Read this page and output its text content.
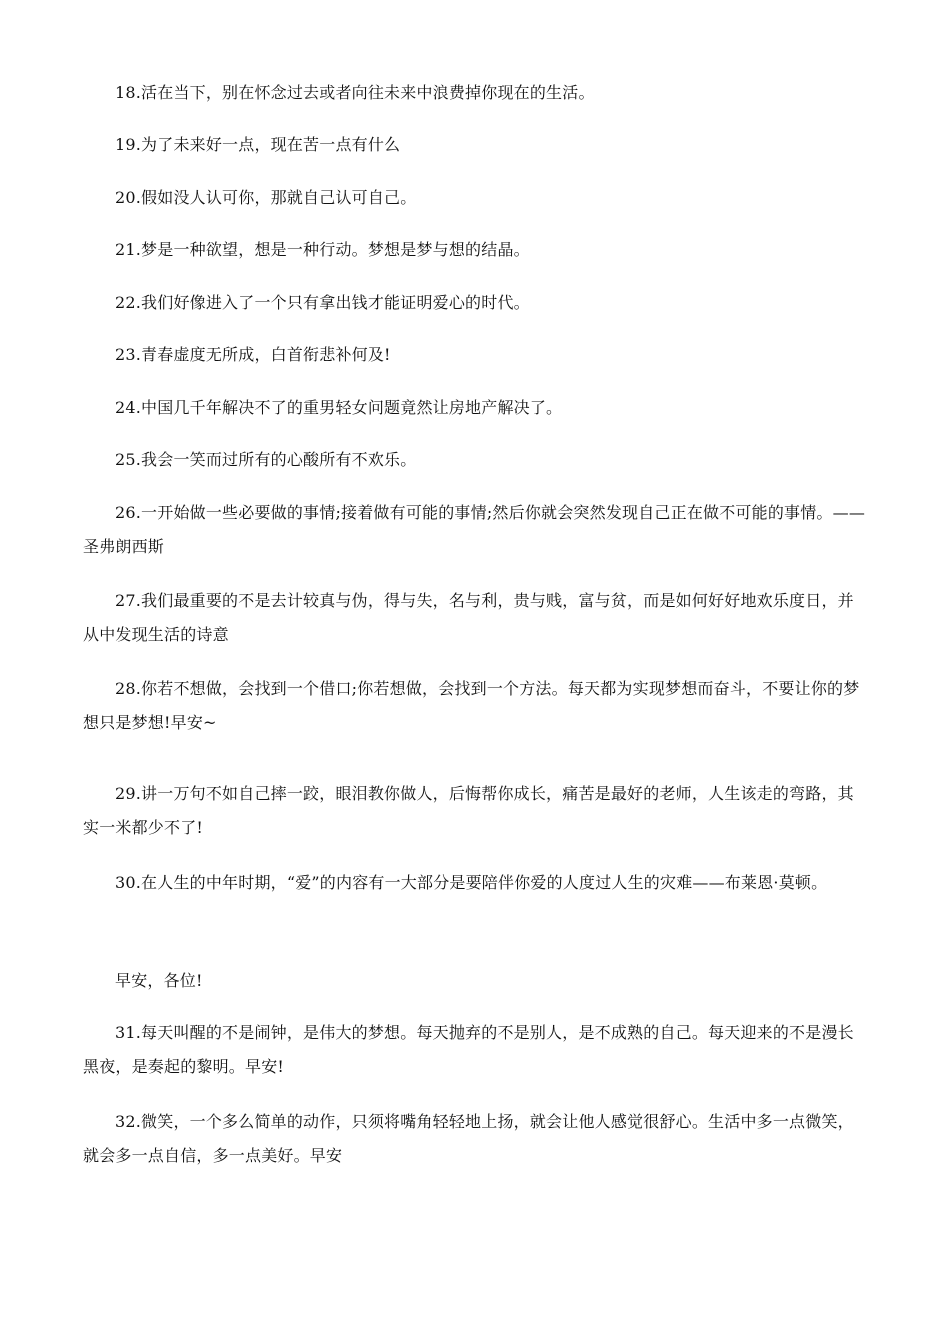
18.活在当下，别在怀念过去或者向往未来中浪费掉你现在的生活。

19.为了未来好一点，现在苦一点有什么

20.假如没人认可你，那就自己认可自己。

21.梦是一种欲望，想是一种行动。梦想是梦与想的结晶。

22.我们好像进入了一个只有拿出钱才能证明爱心的时代。

23.青春虚度无所成，白首衔悲补何及!

24.中国几千年解决不了的重男轻女问题竟然让房地产解决了。

25.我会一笑而过所有的心酸所有不欢乐。

26.一开始做一些必要做的事情;接着做有可能的事情;然后你就会突然发现自己正在做不可能的事情。——圣弗朗西斯

27.我们最重要的不是去计较真与伪，得与失，名与利，贵与贱，富与贫，而是如何好好地欢乐度日，并从中发现生活的诗意

28.你若不想做，会找到一个借口;你若想做，会找到一个方法。每天都为实现梦想而奋斗，不要让你的梦想只是梦想!早安~

29.讲一万句不如自己摔一跤，眼泪教你做人，后悔帮你成长，痛苦是最好的老师，人生该走的弯路，其实一米都少不了!

30.在人生的中年时期，“爱”的内容有一大部分是要陪伴你爱的人度过人生的灾难——布莱恩·莫顿。

早安，各位!

31.每天叫醒的不是闹钟，是伟大的梦想。每天抛弃的不是别人，是不成熟的自己。每天迎来的不是漫长黑夜，是奏起的黎明。早安!

32.微笑，一个多么简单的动作，只须将嘴角轻轻地上扬，就会让他人感觉很舒心。生活中多一点微笑，就会多一点自信，多一点美好。早安
